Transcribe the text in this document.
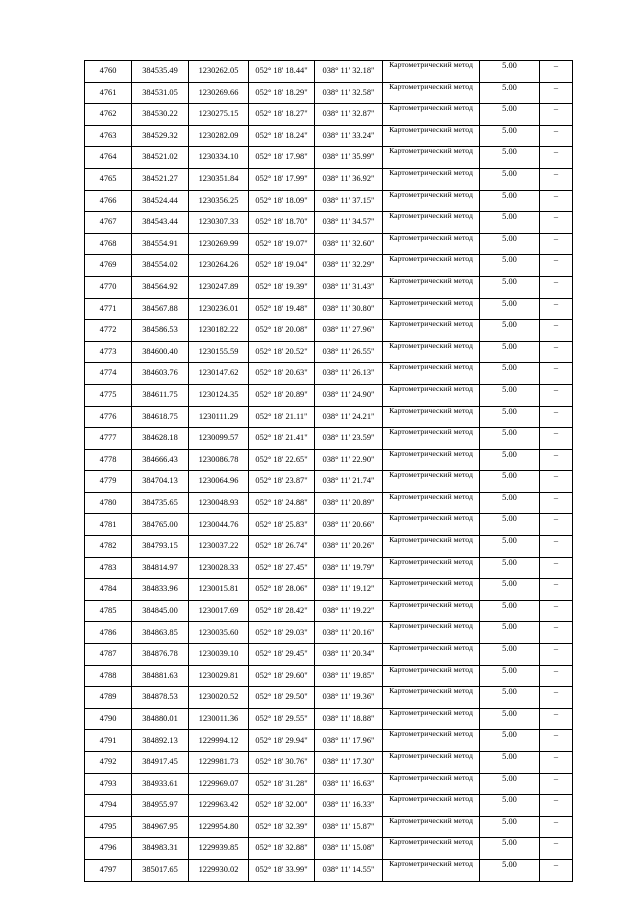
4760	384535.49	1230262.05	052° 18' 18.44"	038° 11' 32.18"	Картометрический метод	5.00	–
4761	384531.05	1230269.66	052° 18' 18.29"	038° 11' 32.58"	Картометрический метод	5.00	–
4762	384530.22	1230275.15	052° 18' 18.27"	038° 11' 32.87"	Картометрический метод	5.00	–
4763	384529.32	1230282.09	052° 18' 18.24"	038° 11' 33.24"	Картометрический метод	5.00	–
4764	384521.02	1230334.10	052° 18' 17.98"	038° 11' 35.99"	Картометрический метод	5.00	–
4765	384521.27	1230351.84	052° 18' 17.99"	038° 11' 36.92"	Картометрический метод	5.00	–
4766	384524.44	1230356.25	052° 18' 18.09"	038° 11' 37.15"	Картометрический метод	5.00	–
4767	384543.44	1230307.33	052° 18' 18.70"	038° 11' 34.57"	Картометрический метод	5.00	–
4768	384554.91	1230269.99	052° 18' 19.07"	038° 11' 32.60"	Картометрический метод	5.00	–
4769	384554.02	1230264.26	052° 18' 19.04"	038° 11' 32.29"	Картометрический метод	5.00	–
4770	384564.92	1230247.89	052° 18' 19.39"	038° 11' 31.43"	Картометрический метод	5.00	–
4771	384567.88	1230236.01	052° 18' 19.48"	038° 11' 30.80"	Картометрический метод	5.00	–
4772	384586.53	1230182.22	052° 18' 20.08"	038° 11' 27.96"	Картометрический метод	5.00	–
4773	384600.40	1230155.59	052° 18' 20.52"	038° 11' 26.55"	Картометрический метод	5.00	–
4774	384603.76	1230147.62	052° 18' 20.63"	038° 11' 26.13"	Картометрический метод	5.00	–
4775	384611.75	1230124.35	052° 18' 20.89"	038° 11' 24.90"	Картометрический метод	5.00	–
4776	384618.75	1230111.29	052° 18' 21.11"	038° 11' 24.21"	Картометрический метод	5.00	–
4777	384628.18	1230099.57	052° 18' 21.41"	038° 11' 23.59"	Картометрический метод	5.00	–
4778	384666.43	1230086.78	052° 18' 22.65"	038° 11' 22.90"	Картометрический метод	5.00	–
4779	384704.13	1230064.96	052° 18' 23.87"	038° 11' 21.74"	Картометрический метод	5.00	–
4780	384735.65	1230048.93	052° 18' 24.88"	038° 11' 20.89"	Картометрический метод	5.00	–
4781	384765.00	1230044.76	052° 18' 25.83"	038° 11' 20.66"	Картометрический метод	5.00	–
4782	384793.15	1230037.22	052° 18' 26.74"	038° 11' 20.26"	Картометрический метод	5.00	–
4783	384814.97	1230028.33	052° 18' 27.45"	038° 11' 19.79"	Картометрический метод	5.00	–
4784	384833.96	1230015.81	052° 18' 28.06"	038° 11' 19.12"	Картометрический метод	5.00	–
4785	384845.00	1230017.69	052° 18' 28.42"	038° 11' 19.22"	Картометрический метод	5.00	–
4786	384863.85	1230035.60	052° 18' 29.03"	038° 11' 20.16"	Картометрический метод	5.00	–
4787	384876.78	1230039.10	052° 18' 29.45"	038° 11' 20.34"	Картометрический метод	5.00	–
4788	384881.63	1230029.81	052° 18' 29.60"	038° 11' 19.85"	Картометрический метод	5.00	–
4789	384878.53	1230020.52	052° 18' 29.50"	038° 11' 19.36"	Картометрический метод	5.00	–
4790	384880.01	1230011.36	052° 18' 29.55"	038° 11' 18.88"	Картометрический метод	5.00	–
4791	384892.13	1229994.12	052° 18' 29.94"	038° 11' 17.96"	Картометрический метод	5.00	–
4792	384917.45	1229981.73	052° 18' 30.76"	038° 11' 17.30"	Картометрический метод	5.00	–
4793	384933.61	1229969.07	052° 18' 31.28"	038° 11' 16.63"	Картометрический метод	5.00	–
4794	384955.97	1229963.42	052° 18' 32.00"	038° 11' 16.33"	Картометрический метод	5.00	–
4795	384967.95	1229954.80	052° 18' 32.39"	038° 11' 15.87"	Картометрический метод	5.00	–
4796	384983.31	1229939.85	052° 18' 32.88"	038° 11' 15.08"	Картометрический метод	5.00	–
4797	385017.65	1229930.02	052° 18' 33.99"	038° 11' 14.55"	Картометрический метод	5.00	–
